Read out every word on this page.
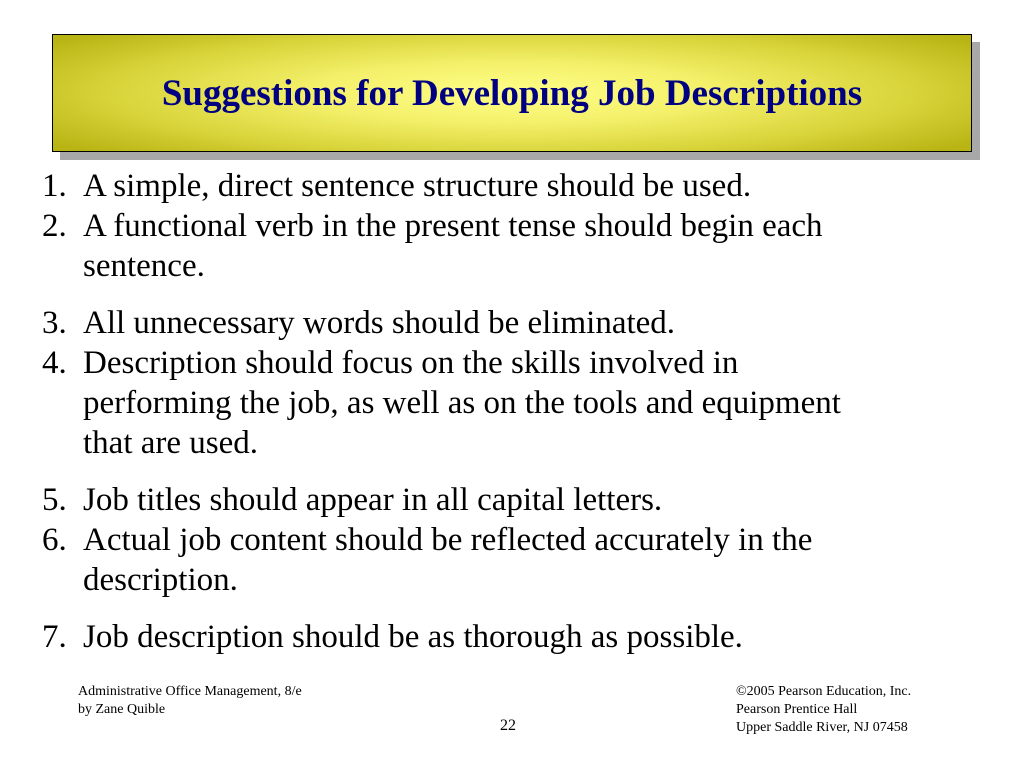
Suggestions for Developing Job Descriptions
1. A simple, direct sentence structure should be used.
2. A functional verb in the present tense should begin each sentence.
3. All unnecessary words should be eliminated.
4. Description should focus on the skills involved in performing the job, as well as on the tools and equipment that are used.
5. Job titles should appear in all capital letters.
6. Actual job content should be reflected accurately in the description.
7. Job description should be as thorough as possible.
Administrative Office Management, 8/e
by Zane Quible
22
©2005 Pearson Education, Inc.
Pearson Prentice Hall
Upper Saddle River, NJ 07458
